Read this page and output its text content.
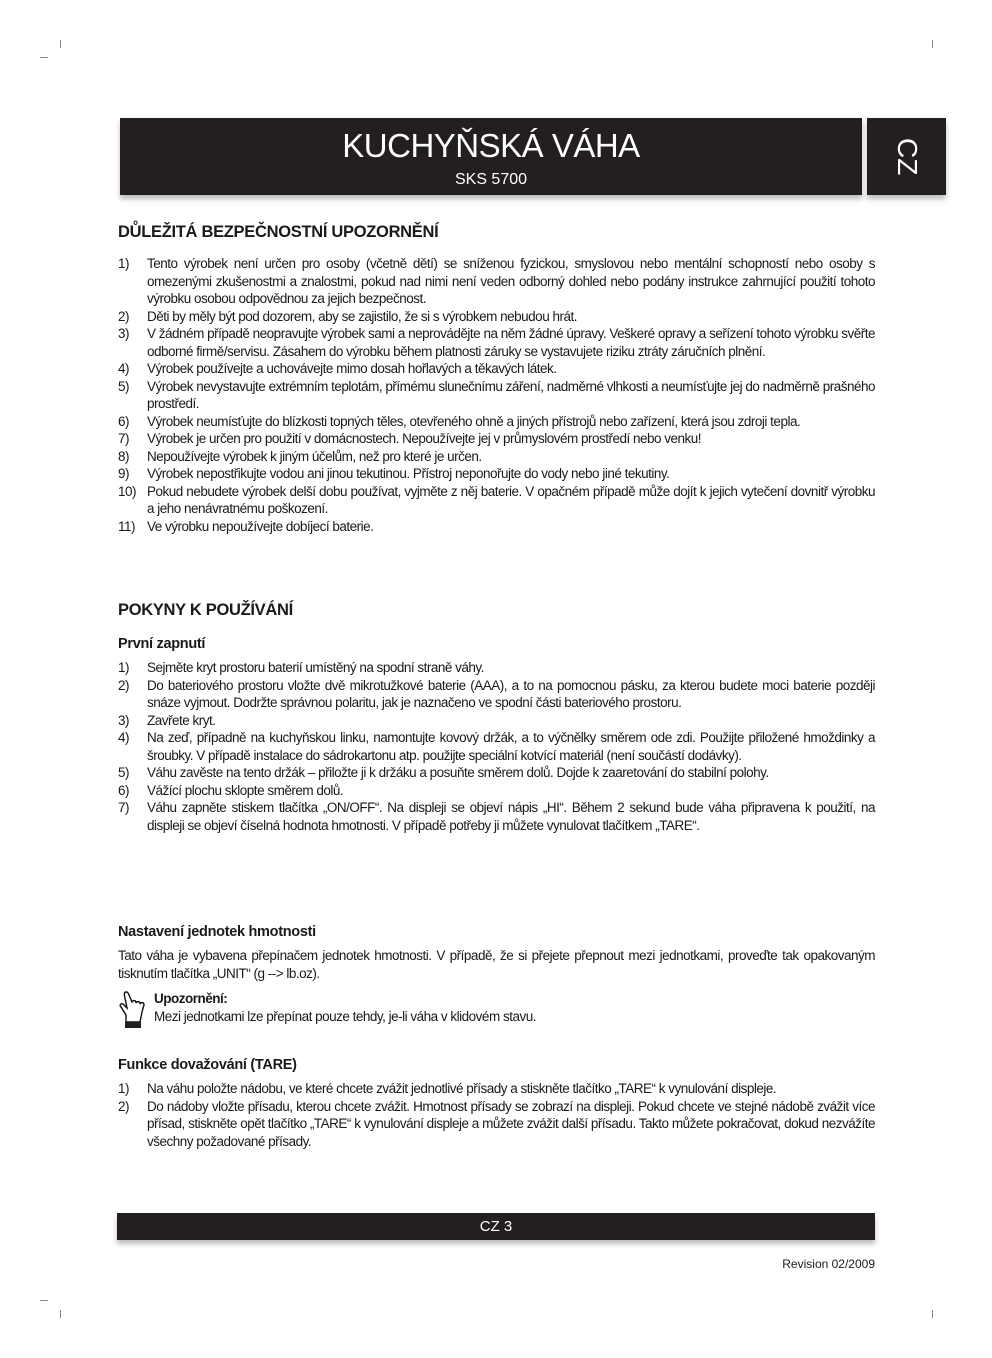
KUCHYŇSKÁ VÁHA
SKS 5700
CZ
DŮLEŽITÁ BEZPEČNOSTNÍ UPOZORNĚNÍ
1)	Tento výrobek není určen pro osoby (včetně dětí) se sníženou fyzickou, smyslovou nebo mentální schopností nebo osoby s omezenými zkušenostmi a znalostmi, pokud nad nimi není veden odborný dohled nebo podány instrukce zahrnující použití tohoto výrobku osobou odpovědnou za jejich bezpečnost.
2)	Děti by měly být pod dozorem, aby se zajistilo, že si s výrobkem nebudou hrát.
3)	V žádném případě neopravujte výrobek sami a neprovádějte na něm žádné úpravy. Veškeré opravy a seřízení tohoto výrobku svěřte odborné firmě/servisu. Zásahem do výrobku během platnosti záruky se vystavujete riziku ztráty záručních plnění.
4)	Výrobek používejte a uchovávejte mimo dosah hořlavých a těkavých látek.
5)	Výrobek nevystavujte extrémním teplotám, přímému slunečnímu záření, nadměrné vlhkosti a neumísťujte jej do nadměrně prašného prostředí.
6)	Výrobek neumísťujte do blízkosti topných těles, otevřeného ohně a jiných přístrojů nebo zařízení, která jsou zdroji tepla.
7)	Výrobek je určen pro použití v domácnostech. Nepoužívejte jej v průmyslovém prostředí nebo venku!
8)	Nepoužívejte výrobek k jiným účelům, než pro které je určen.
9)	Výrobek nepostřikujte vodou ani jinou tekutinou. Přístroj neponořujte do vody nebo jiné tekutiny.
10) Pokud nebudete výrobek delší dobu používat, vyjměte z něj baterie. V opačném případě může dojít k jejich vytečení dovnitř výrobku a jeho nenávratnému poškození.
11) Ve výrobku nepoužívejte dobíjecí baterie.
POKYNY K POUŽÍVÁNÍ
První zapnutí
1)	Sejměte kryt prostoru baterií umístěný na spodní straně váhy.
2)	Do bateriového prostoru vložte dvě mikrotužkové baterie (AAA), a to na pomocnou pásku, za kterou budete moci baterie později snáze vyjmout. Dodržte správnou polaritu, jak je naznačeno ve spodní části bateriového prostoru.
3)	Zavřete kryt.
4)	Na zeď, případně na kuchyňskou linku, namontujte kovový držák, a to výčnělky směrem ode zdi. Použijte přiložené hmoždinky a šroubky. V případě instalace do sádrokartonu atp. použijte speciální kotvící materiál (není součástí dodávky).
5)	Váhu zavěste na tento držák – přiložte ji k držáku a posuňte směrem dolů. Dojde k zaaretování do stabilní polohy.
6)	Vážící plochu sklopte směrem dolů.
7)	Váhu zapněte stiskem tlačítka „ON/OFF“. Na displeji se objeví nápis „HI“. Během 2 sekund bude váha připravena k použití, na displeji se objeví číselná hodnota hmotnosti. V případě potřeby ji můžete vynulovat tlačítkem „TARE“.
Nastavení jednotek hmotnosti
Tato váha je vybavena přepínačem jednotek hmotnosti. V případě, že si přejete přepnout mezi jednotkami, proveďte tak opakovaným tisknutím tlačítka „UNIT“ (g --> lb.oz).
Upozornění:
Mezi jednotkami lze přepínat pouze tehdy, je-li váha v klidovém stavu.
Funkce dovažování (TARE)
1)	Na váhu položte nádobu, ve které chcete zvážit jednotlivé přísady a stiskněte tlačítko „TARE“ k vynulování displeje.
2)	Do nádoby vložte přísadu, kterou chcete zvážit. Hmotnost přísady se zobrazí na displeji. Pokud chcete ve stejné nádobě zvážit více přísad, stiskněte opět tlačítko „TARE“ k vynulování displeje a můžete zvážit další přísadu. Takto můžete pokračovat, dokud nezvážíte všechny požadované přísady.
CZ 3
Revision 02/2009
